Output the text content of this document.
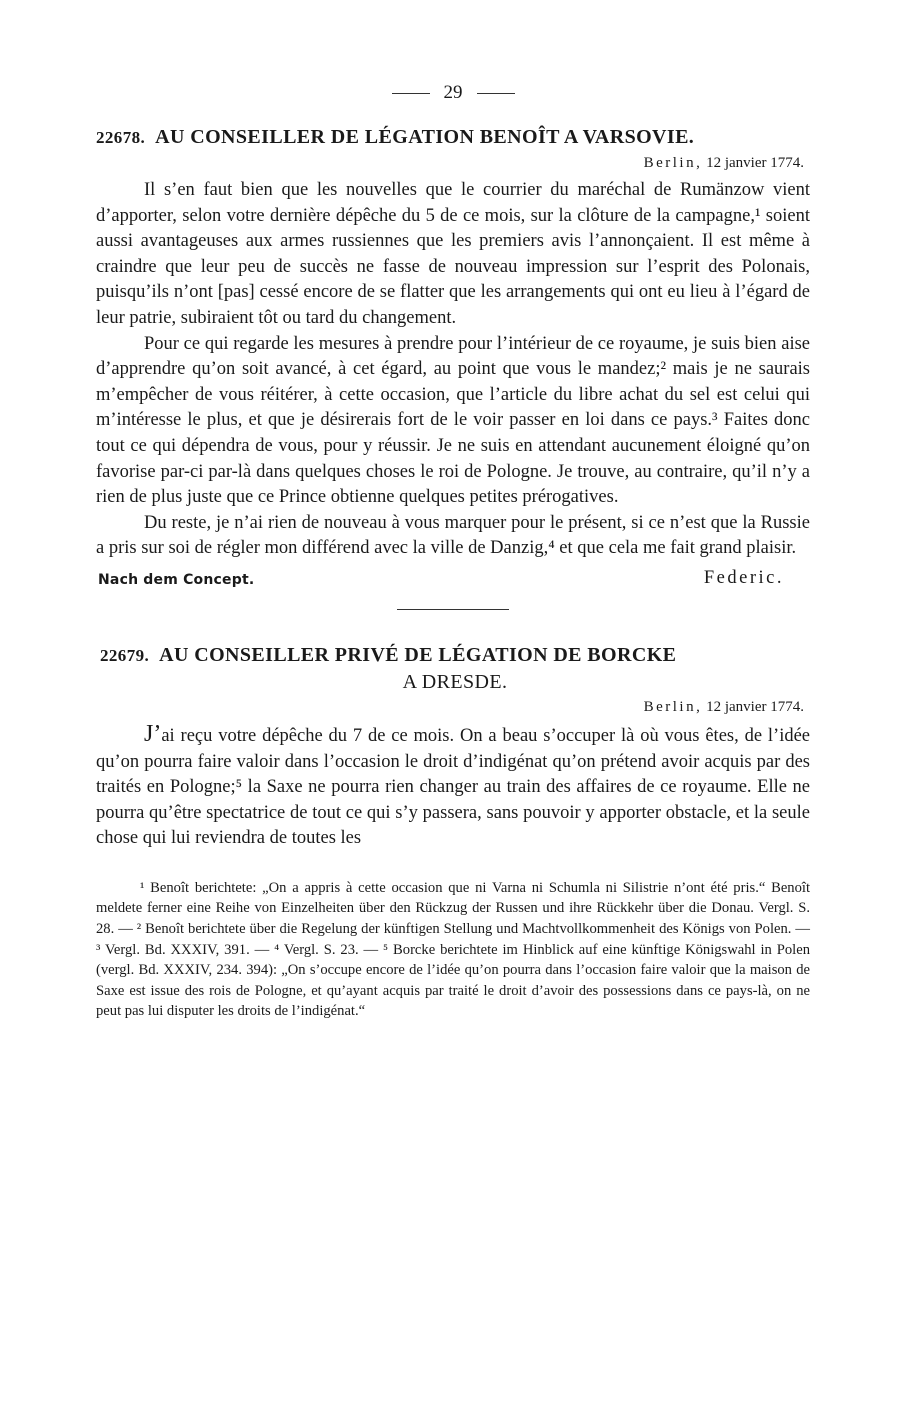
29
22678. AU CONSEILLER DE LÉGATION BENOÎT A VARSOVIE.
Berlin, 12 janvier 1774.

Il s’en faut bien que les nouvelles que le courrier du maréchal de Rumänzow vient d’apporter, selon votre dernière dépêche du 5 de ce mois, sur la clôture de la campagne,¹ soient aussi avantageuses aux armes russiennes que les premiers avis l’annonçaient. Il est même à craindre que leur peu de succès ne fasse de nouveau impression sur l’esprit des Polonais, puisqu’ils n’ont [pas] cessé encore de se flatter que les arrangements qui ont eu lieu à l’égard de leur patrie, subiraient tôt ou tard du changement.

Pour ce qui regarde les mesures à prendre pour l’intérieur de ce royaume, je suis bien aise d’apprendre qu’on soit avancé, à cet égard, au point que vous le mandez;² mais je ne saurais m’empêcher de vous réitérer, à cette occasion, que l’article du libre achat du sel est celui qui m’intéresse le plus, et que je désirerais fort de le voir passer en loi dans ce pays.³ Faites donc tout ce qui dépendra de vous, pour y réussir. Je ne suis en attendant aucunement éloigné qu’on favorise par-ci par-là dans quelques choses le roi de Pologne. Je trouve, au contraire, qu’il n’y a rien de plus juste que ce Prince obtienne quelques petites prérogatives.

Du reste, je n’ai rien de nouveau à vous marquer pour le présent, si ce n’est que la Russie a pris sur soi de régler mon différend avec la ville de Danzig,⁴ et que cela me fait grand plaisir.

Nach dem Concept.	Federic.
22679. AU CONSEILLER PRIVÉ DE LÉGATION DE BORCKE
A DRESDE.
Berlin, 12 janvier 1774.

J’ai reçu votre dépêche du 7 de ce mois. On a beau s’occuper là où vous êtes, de l’idée qu’on pourra faire valoir dans l’occasion le droit d’indigénat qu’on prétend avoir acquis par des traités en Pologne;⁵ la Saxe ne pourra rien changer au train des affaires de ce royaume. Elle ne pourra qu’être spectatrice de tout ce qui s’y passera, sans pouvoir y apporter obstacle, et la seule chose qui lui reviendra de toutes les

¹ Benoît berichtete: „On a appris à cette occasion que ni Varna ni Schumla ni Silistrie n’ont été pris.“ Benoît meldete ferner eine Reihe von Einzelheiten über den Rückzug der Russen und ihre Rückkehr über die Donau. Vergl. S. 28. — ² Benoît berichtete über die Regelung der künftigen Stellung und Machtvollkommenheit des Königs von Polen. — ³ Vergl. Bd. XXXIV, 391. — ⁴ Vergl. S. 23. — ⁵ Borcke berichtete im Hinblick auf eine künftige Königswahl in Polen (vergl. Bd. XXXIV, 234. 394): „On s’occupe encore de l’idée qu’on pourra dans l’occasion faire valoir que la maison de Saxe est issue des rois de Pologne, et qu’ayant acquis par traité le droit d’avoir des possessions dans ce pays-là, on ne peut pas lui disputer les droits de l’indigénat.“
